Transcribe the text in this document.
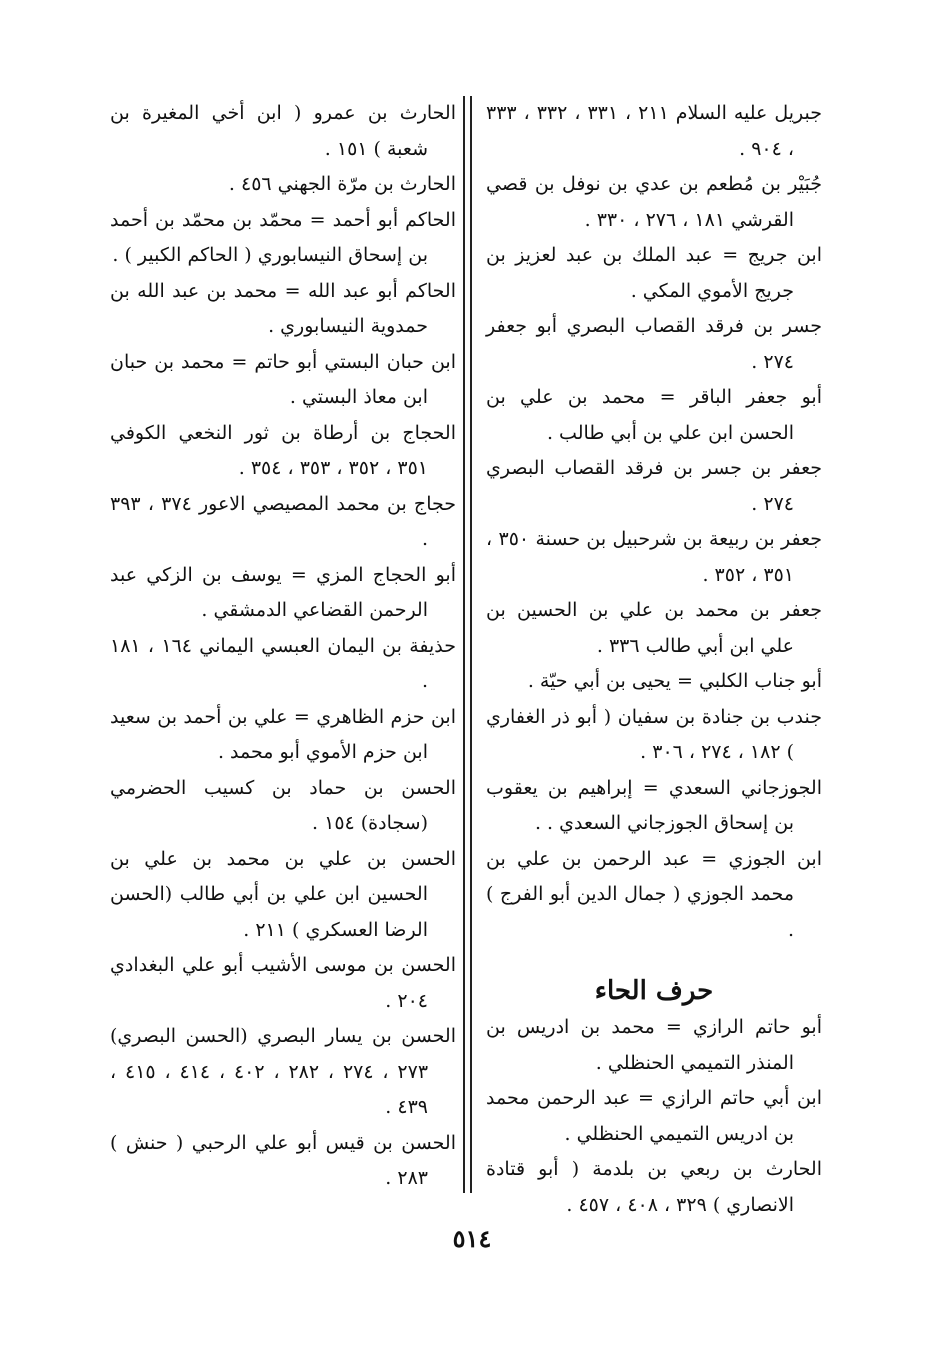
جبريل عليه السلام ٢١١ ، ٣٣١ ، ٣٣٢ ، ٣٣٣ ، ٩٠٤ .

جُبَيْر بن مُطعم بن عدي بن نوفل بن قصي القرشي ١٨١ ، ٢٧٦ ، ٣٣٠ .

ابن جريج = عبد الملك بن عبد لعزيز بن جريج الأموي المكي .

جسر بن فرقد القصاب البصري أبو جعفر ٢٧٤ .

أبو جعفر الباقر = محمد بن علي بن الحسن ابن علي بن أبي طالب .

جعفر بن جسر بن فرقد القصاب البصري ٢٧٤ .

جعفر بن ربيعة بن شرحبيل بن حسنة ٣٥٠ ، ٣٥١ ، ٣٥٢ .

جعفر بن محمد بن علي بن الحسين بن علي ابن أبي طالب ٣٣٦ .

أبو جناب الكلبي = يحيى بن أبي حيّة .

جندب بن جنادة بن سفيان ( أبو ذر الغفاري ) ١٨٢ ، ٢٧٤ ، ٣٠٦ .

الجوزجاني السعدي = إبراهيم بن يعقوب بن إسحاق الجوزجاني السعدي . .

ابن الجوزي = عبد الرحمن بن علي بن محمد الجوزي ( جمال الدين أبو الفرج ) .

حرف الحاء

أبو حاتم الرازي = محمد بن ادريس بن المنذر التميمي الحنظلي .

ابن أبي حاتم الرازي = عبد الرحمن محمد بن ادريس التميمي الحنظلي .

الحارث بن ربعي بن بلدمة ( أبو قتادة الانصاري ) ٣٢٩ ، ٤٠٨ ، ٤٥٧ .

الحارث بن عمرو ( ابن أخي المغيرة بن شعبة ) ١٥١ .

الحارث بن مرّة الجهني ٤٥٦ .

الحاكم أبو أحمد = محمّد بن محمّد بن أحمد بن إسحاق النيسابوري ( الحاكم الكبير ) .

الحاكم أبو عبد الله = محمد بن عبد الله بن حمدوية النيسابوري .

ابن حبان البستي أبو حاتم = محمد بن حبان ابن معاذ البستي .

الحجاج بن أرطاة بن ثور النخعي الكوفي ٣٥١ ، ٣٥٢ ، ٣٥٣ ، ٣٥٤ .

حجاج بن محمد المصيصي الاعور ٣٧٤ ، ٣٩٣ .

أبو الحجاج المزي = يوسف بن الزكي عبد الرحمن القضاعي الدمشقي .

حذيفة بن اليمان العبسي اليماني ١٦٤ ، ١٨١ .

ابن حزم الظاهري = علي بن أحمد بن سعيد ابن حزم الأموي أبو محمد .

الحسن بن حماد بن كسيب الحضرمي (سجادة) ١٥٤ .

الحسن بن علي بن محمد بن علي بن الحسين ابن علي بن أبي طالب (الحسن الرضا العسكري ) ٢١١ .

الحسن بن موسى الأشيب أبو علي البغدادي ٢٠٤ .

الحسن بن يسار البصري (الحسن البصري) ٢٧٣ ، ٢٧٤ ، ٢٨٢ ، ٤٠٢ ، ٤١٤ ، ٤١٥ ، ٤٣٩ .

الحسن بن قيس أبو علي الرحبي ( حنش ) ٢٨٣ .

٥١٤
